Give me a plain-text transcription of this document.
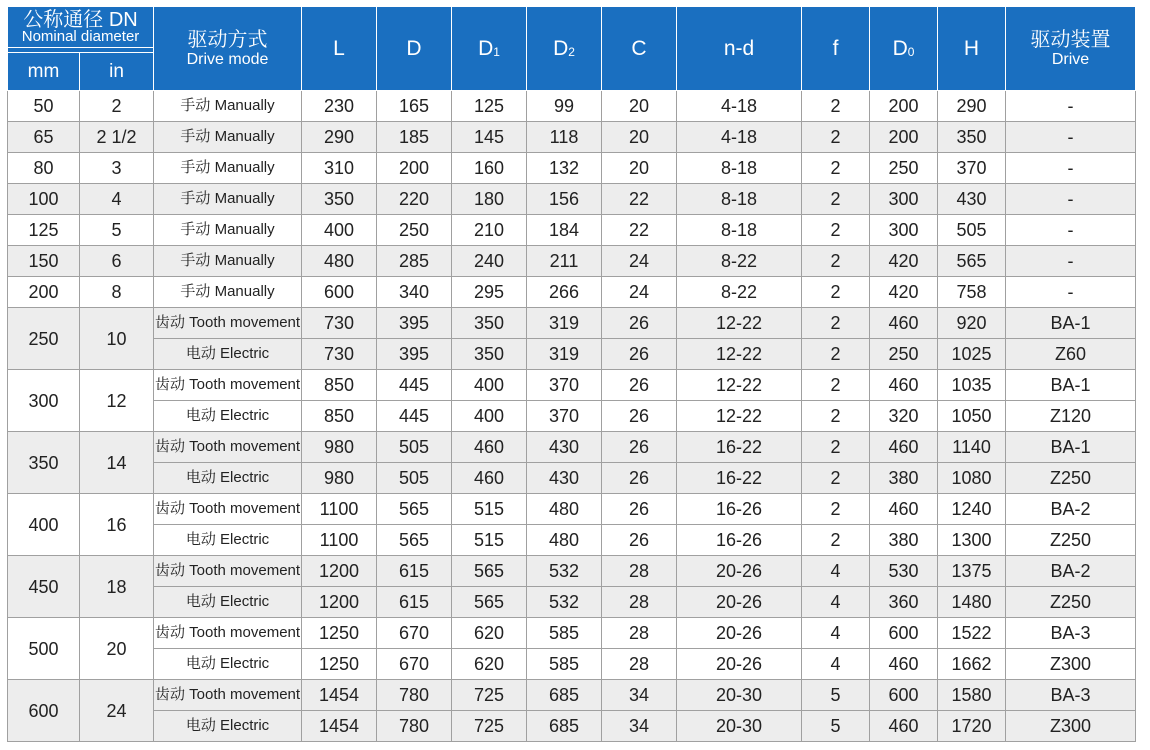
公称通径 DN
Nominal diameter		驱动方式
Drive mode	L	D	$D_1$	$D_2$	C	n-d	f	$D_0$	H	驱动装置
Drive

mm	in											
50	2	手动 Manually	230	165	125	99	20	4-18	2	200	290	-
65	2 1/2	手动 Manually	290	185	145	118	20	4-18	2	200	350	-
80	3	手动 Manually	310	200	160	132	20	8-18	2	250	370	-
100	4	手动 Manually	350	220	180	156	22	8-18	2	300	430	-
125	5	手动 Manually	400	250	210	184	22	8-18	2	300	505	-
150	6	手动 Manually	480	285	240	211	24	8-22	2	420	565	-
200	8	手动 Manually	600	340	295	266	24	8-22	2	420	758	-
250	10	齿动 Tooth movement	730	395	350	319	26	12-22	2	460	920	BA-1
		电动 Electric	730	395	350	319	26	12-22	2	250	1025	Z60
300	12	齿动 Tooth movement	850	445	400	370	26	12-22	2	460	1035	BA-1
		电动 Electric	850	445	400	370	26	12-22	2	320	1050	Z120
350	14	齿动 Tooth movement	980	505	460	430	26	16-22	2	460	1140	BA-1
		电动 Electric	980	505	460	430	26	16-22	2	380	1080	Z250
400	16	齿动 Tooth movement	1100	565	515	480	26	16-26	2	460	1240	BA-2
		电动 Electric	1100	565	515	480	26	16-26	2	380	1300	Z250
450	18	齿动 Tooth movement	1200	615	565	532	28	20-26	4	530	1375	BA-2
		电动 Electric	1200	615	565	532	28	20-26	4	360	1480	Z250
500	20	齿动 Tooth movement	1250	670	620	585	28	20-26	4	600	1522	BA-3
		电动 Electric	1250	670	620	585	28	20-26	4	460	1662	Z300
600	24	齿动 Tooth movement	1454	780	725	685	34	20-30	5	600	1580	BA-3
		电动 Electric	1454	780	725	685	34	20-30	5	460	1720	Z300
